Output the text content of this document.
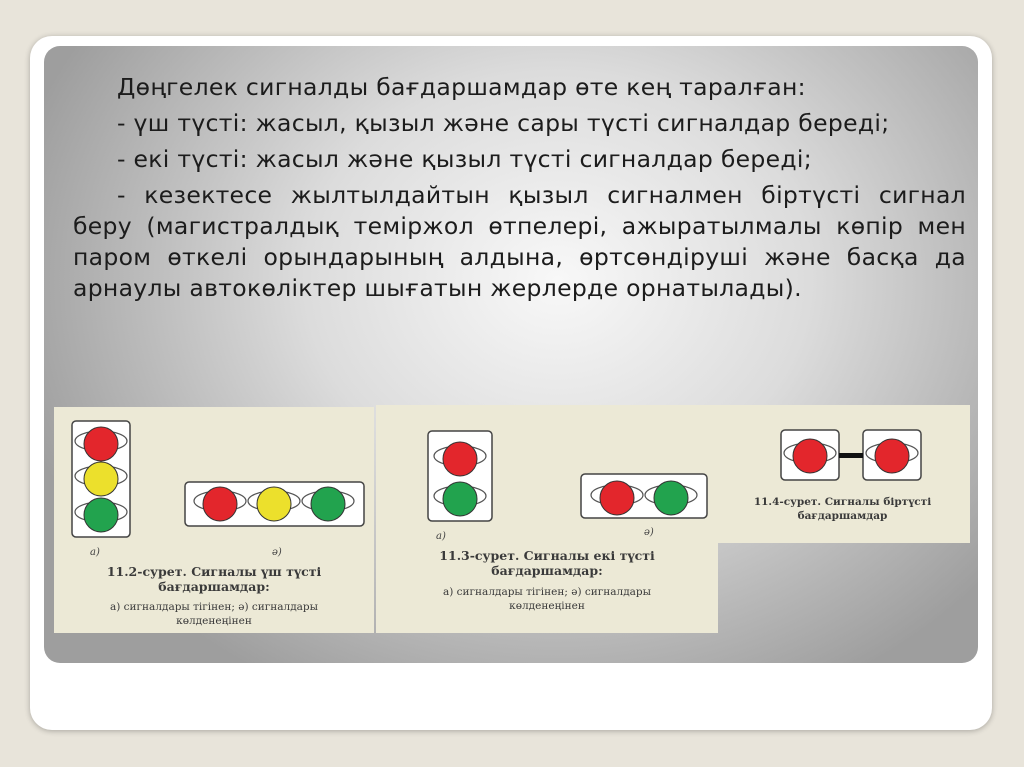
Дөңгелек сигналды бағдаршамдар өте кең таралған:

- үш түсті: жасыл, қызыл және сары түсті сигналдар береді;

- екі түсті: жасыл және қызыл түсті сигналдар береді;

- кезектесе жылтылдайтын қызыл сигналмен біртүсті сигнал беру (магистралдық теміржол өтпелері, ажыратылмалы көпір мен паром өткелі орындарының алдына, өртсөндіруші және басқа да арнаулы автокөліктер шығатын жерлерде орнатылады).

а)	ә)
11.2-сурет. Сигналы үш түсті
бағдаршамдар:
а) сигналдары тігінен; ә) сигналдары
көлденеңінен
а)	ә)
11.3-сурет. Сигналы екі түсті
бағдаршамдар:
а) сигналдары тігінен; ә) сигналдары
көлденеңінен
11.4-сурет. Сигналы біртүсті
бағдаршамдар
